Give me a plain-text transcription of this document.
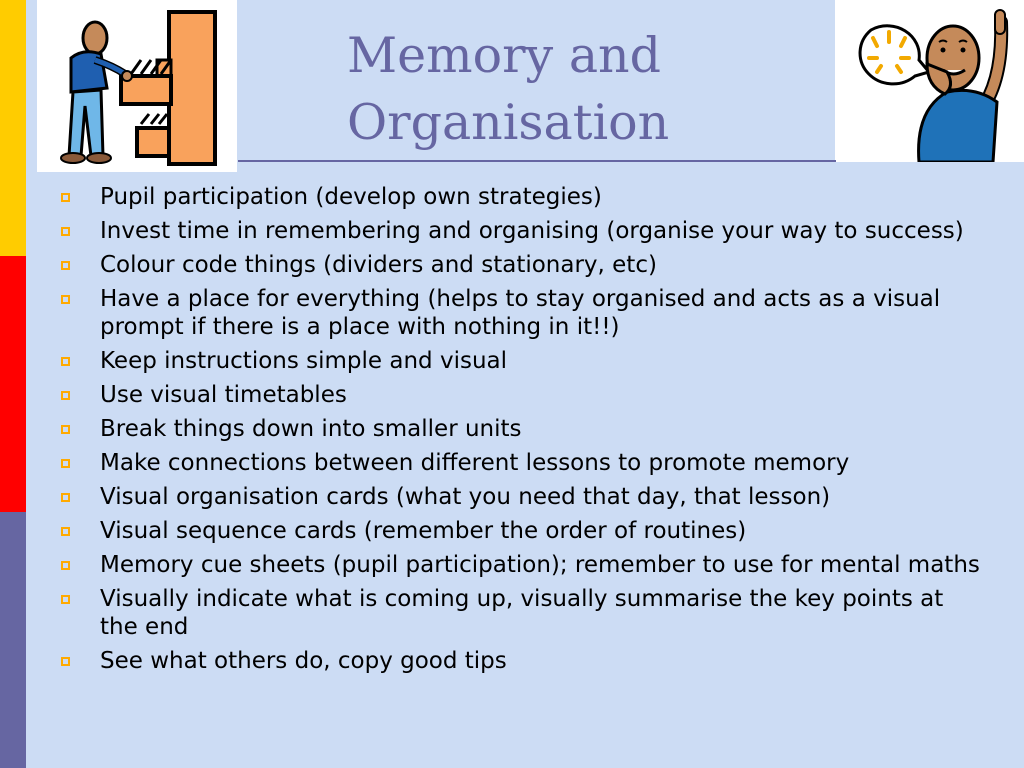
Memory and
Organisation
Pupil participation (develop own strategies)
Invest time in remembering and organising (organise your way to success)
Colour code things (dividers and stationary, etc)
Have a place for everything (helps to stay organised and acts as a visual prompt if there is a place with nothing in it!!)
Keep instructions simple and visual
Use visual timetables
Break things down into smaller units
Make connections between different lessons to promote memory
Visual organisation cards (what you need that day, that lesson)
Visual sequence cards (remember the order of routines)
Memory cue sheets (pupil participation); remember to use for mental maths
Visually indicate what is coming up, visually summarise the key points at the end
See what others do, copy good tips
